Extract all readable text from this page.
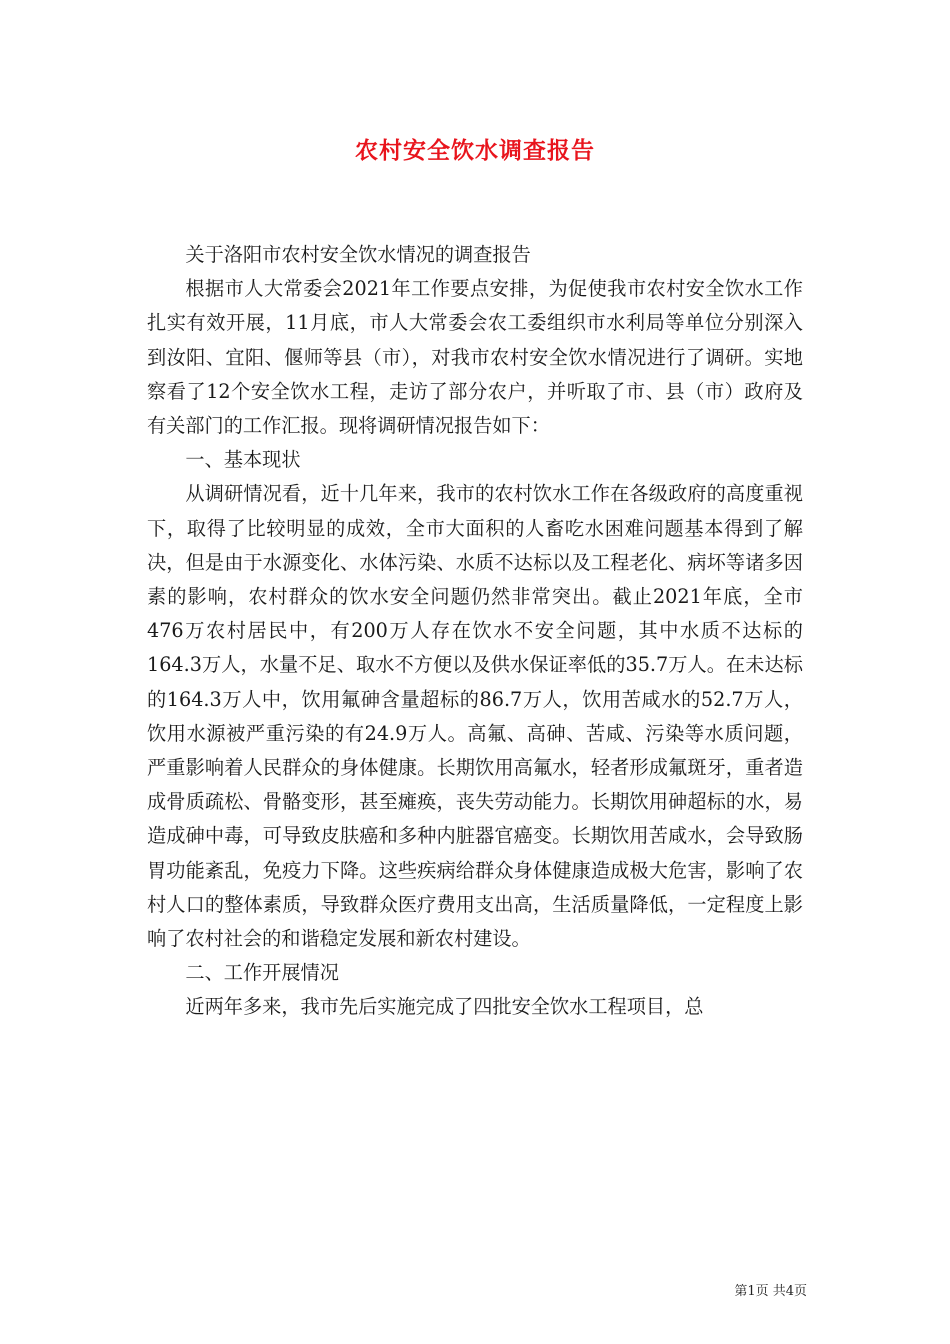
农村安全饮水调查报告

关于洛阳市农村安全饮水情况的调查报告

根据市人大常委会2021年工作要点安排，为促使我市农村安全饮水工作扎实有效开展，11月底，市人大常委会农工委组织市水利局等单位分别深入到汝阳、宜阳、偃师等县（市），对我市农村安全饮水情况进行了调研。实地察看了12个安全饮水工程，走访了部分农户，并听取了市、县（市）政府及有关部门的工作汇报。现将调研情况报告如下：

一、基本现状

从调研情况看，近十几年来，我市的农村饮水工作在各级政府的高度重视下，取得了比较明显的成效，全市大面积的人畜吃水困难问题基本得到了解决，但是由于水源变化、水体污染、水质不达标以及工程老化、病坏等诸多因素的影响，农村群众的饮水安全问题仍然非常突出。截止2021年底，全市476万农村居民中，有200万人存在饮水不安全问题，其中水质不达标的164.3万人，水量不足、取水不方便以及供水保证率低的35.7万人。在未达标的164.3万人中，饮用氟砷含量超标的86.7万人，饮用苦咸水的52.7万人，饮用水源被严重污染的有24.9万人。高氟、高砷、苦咸、污染等水质问题，严重影响着人民群众的身体健康。长期饮用高氟水，轻者形成氟斑牙，重者造成骨质疏松、骨骼变形，甚至瘫痪，丧失劳动能力。长期饮用砷超标的水，易造成砷中毒，可导致皮肤癌和多种内脏器官癌变。长期饮用苦咸水，会导致肠胃功能紊乱，免疫力下降。这些疾病给群众身体健康造成极大危害，影响了农村人口的整体素质，导致群众医疗费用支出高，生活质量降低，一定程度上影响了农村社会的和谐稳定发展和新农村建设。

二、工作开展情况

近两年多来，我市先后实施完成了四批安全饮水工程项目，总

第1页 共4页
